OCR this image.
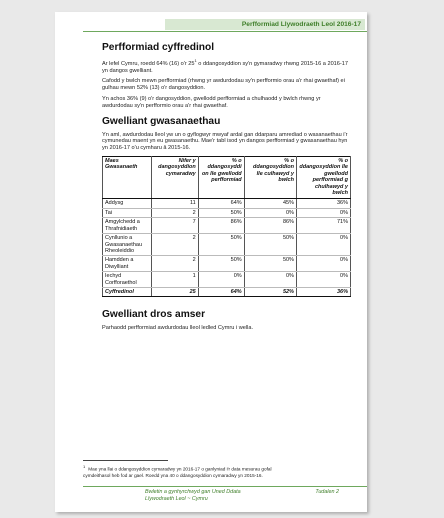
Perfformiad Llywodraeth Leol 2016-17
Perfformiad cyffredinol

Ar lefel Cymru, roedd 64% (16) o'r $25^1$ o ddangosyddion sy'n gymaradwy rhwng 2015-16 a 2016-17 yn dangos gwelliant.

Cafodd y bwlch mewn perfformiad (rhwng yr awdurdodau sy'n perfformio orau a'r rhai gwaethaf) ei gulhau mewn 52% (13) o'r dangosyddion.

Yn achos 36% (9) o'r dangosyddion, gwellodd perfformiad a chulhaodd y bwlch rhwng yr awdurdodau sy'n perfformio orau a'r rhai gwaethaf.

Gwelliant gwasanaethau

Yn aml, awdurdodau lleol yw un o gyflogwyr mwyaf ardal gan ddarparu amrediad o wasanaethau i'r cymunedau maent yn eu gwasanaethu. Mae'r tabl isod yn dangos perfformiad y gwasanaethau hyn yn 2016-17 o'u cymharu â 2015-16.

Maes Gwasanaeth	Nifer y dangosyddion cymaradwy	% o ddangosyddi on lle gwellodd perfformiad	% o ddangosyddion lle culhawyd y bwlch	% o ddangosyddion lle gwellodd perfformiad g chulhawyd y bwlch
Addysg	11	64%	45%	36%
Tai	2	50%	0%	0%
Amgylchedd a Thrafnidiaeth	7	86%	86%	71%
Cynllunio a Gwasanaethau Rheoleiddio	2	50%	50%	0%
Hamdden a Diwylliant	2	50%	50%	0%
Iechyd Corfforaethol	1	0%	0%	0%
Cyffredinol	25	64%	52%	36%
Gwelliant dros amser

Parhaodd perfformiad awdurdodau lleol ledled Cymru i wella.

$^1$Mae yna llai o ddangosyddion cymaradwy yn 2016-17 o ganlyniad i'r data mesurau gofal
cymdeithasol heb fod ar gael. Roedd yna 40 o ddangosyddion cymaradwy yn 2015-16.
Bwletin a gynhyrchwyd gan Uned Ddata
Llywodraeth Leol ~ Cymru
Tudalen 2
